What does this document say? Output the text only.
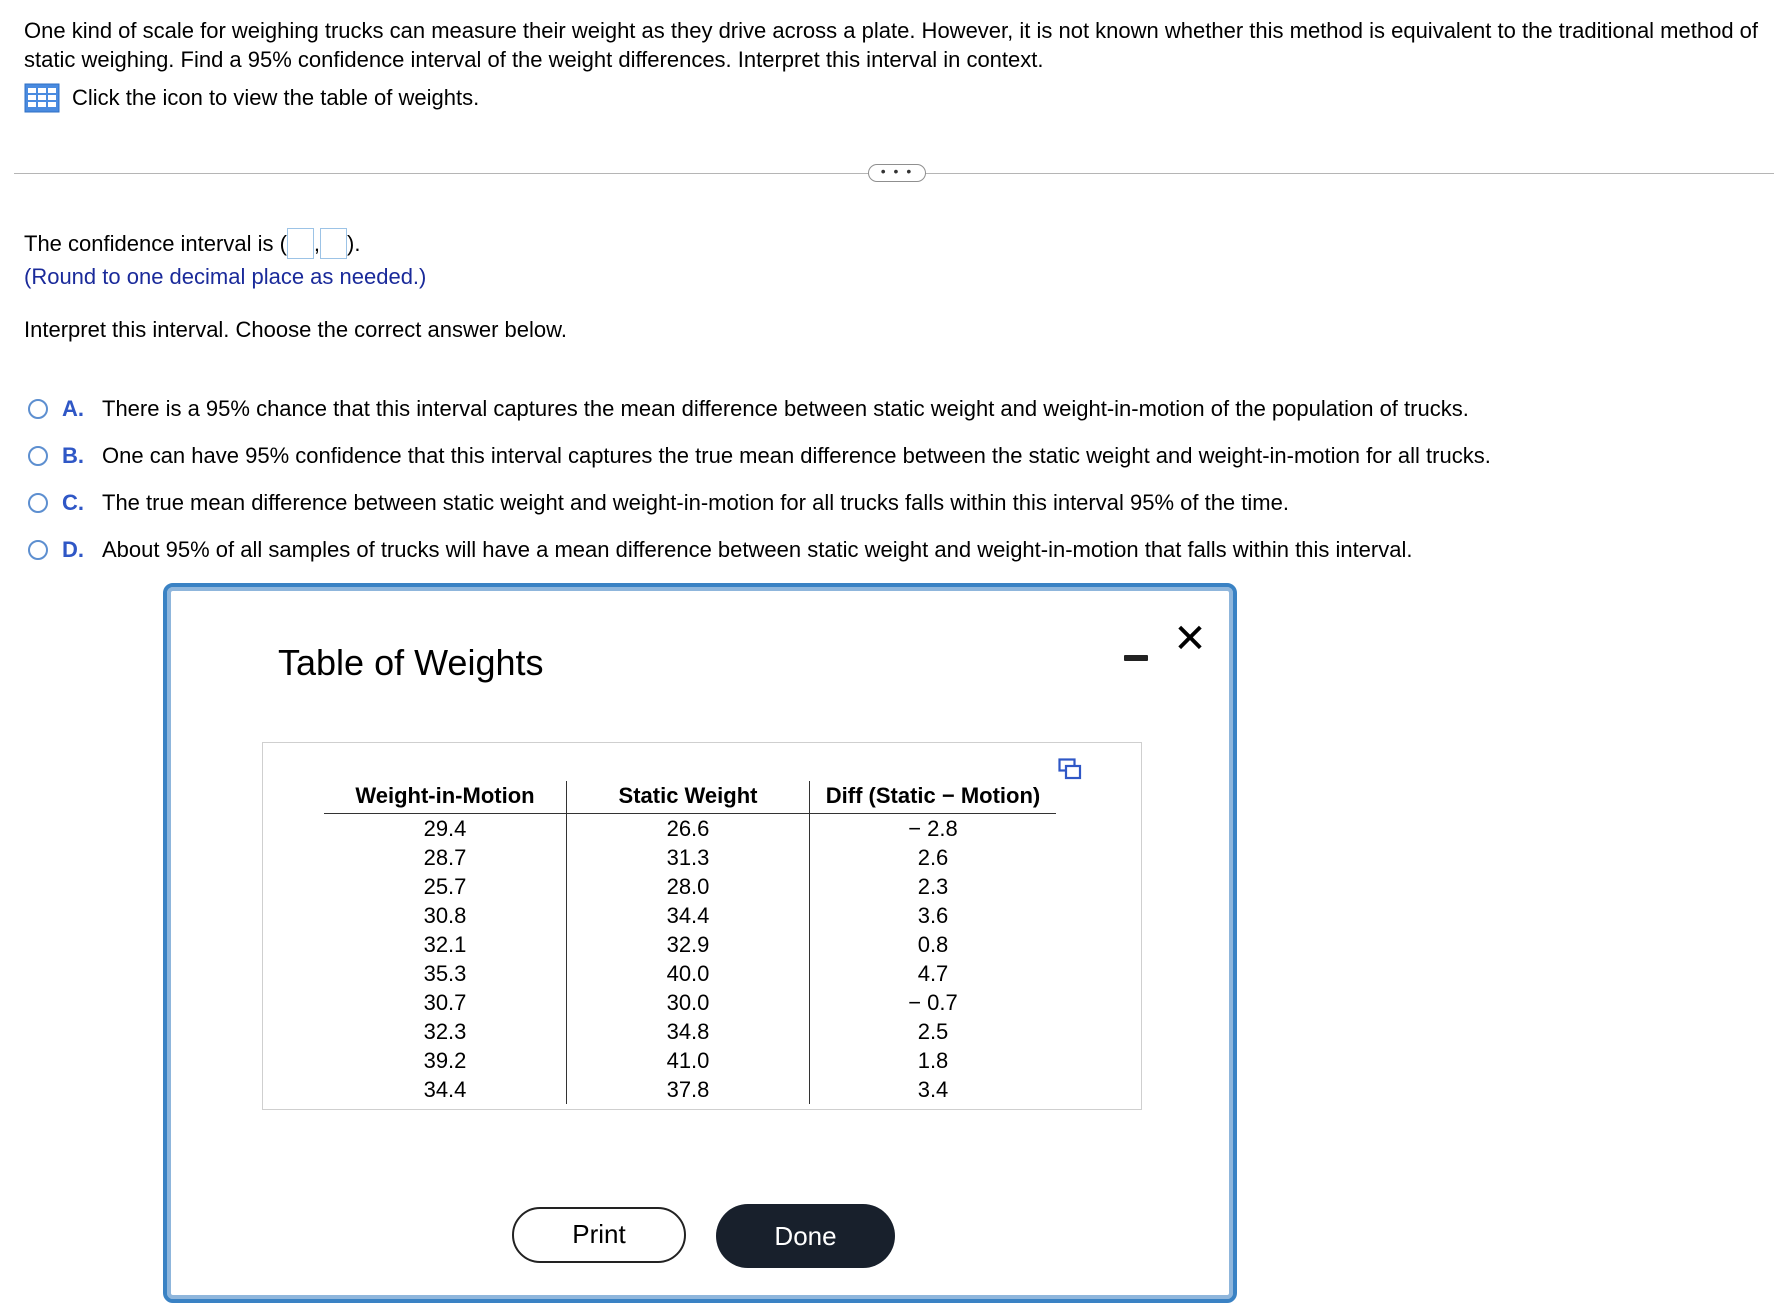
One kind of scale for weighing trucks can measure their weight as they drive across a plate. However, it is not known whether this method is equivalent to the traditional method of static weighing. Find a 95% confidence interval of the weight differences. Interpret this interval in context.
Click the icon to view the table of weights.
• • •
The confidence interval is ( , ).
(Round to one decimal place as needed.)
Interpret this interval. Choose the correct answer below.
A. There is a 95% chance that this interval captures the mean difference between static weight and weight-in-motion of the population of trucks.
B. One can have 95% confidence that this interval captures the true mean difference between the static weight and weight-in-motion for all trucks.
C. The true mean difference between static weight and weight-in-motion for all trucks falls within this interval 95% of the time.
D. About 95% of all samples of trucks will have a mean difference between static weight and weight-in-motion that falls within this interval.
Table of Weights
✕
Weight-in-Motion	Static Weight	Diff (Static − Motion)
29.4	26.6	− 2.8
28.7	31.3	2.6
25.7	28.0	2.3
30.8	34.4	3.6
32.1	32.9	0.8
35.3	40.0	4.7
30.7	30.0	− 0.7
32.3	34.8	2.5
39.2	41.0	1.8
34.4	37.8	3.4
Print	Done
